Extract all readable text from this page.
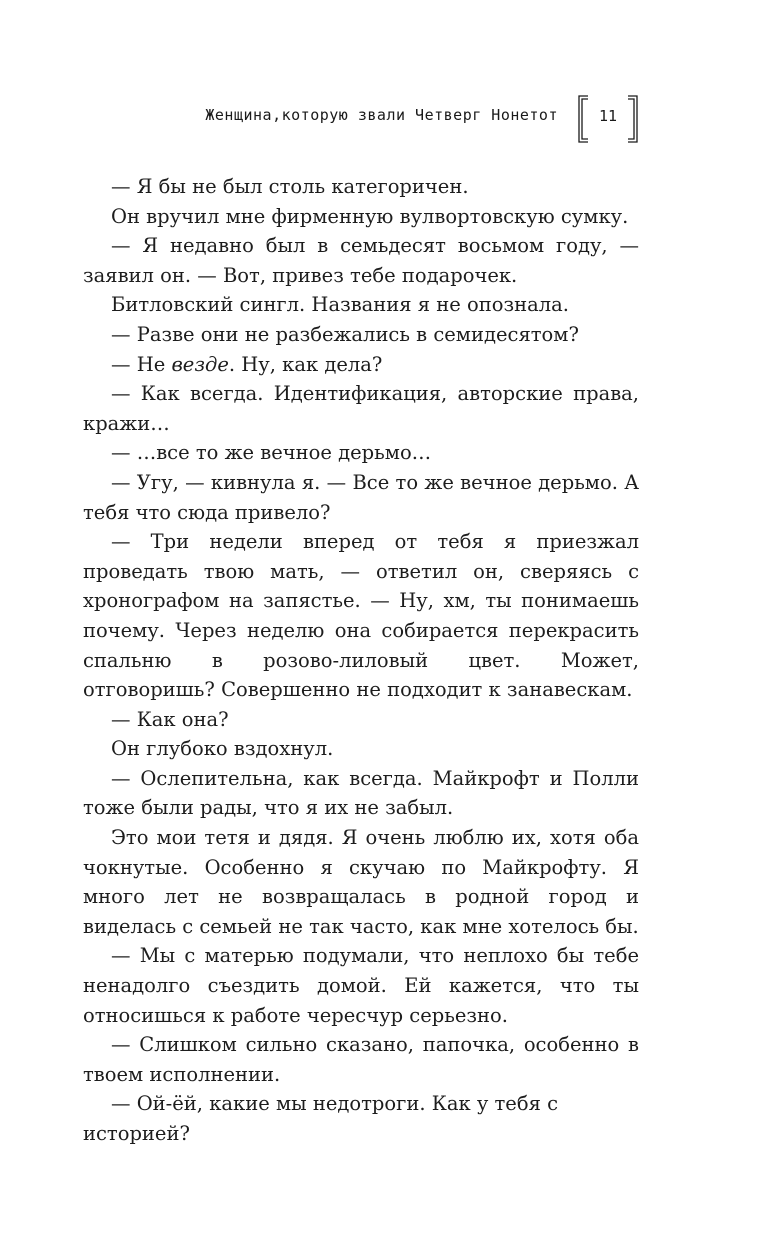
Женщина,которую звали Четверг Нонетот	11

— Я бы не был столь категоричен.

Он вручил мне фирменную вулвортовскую сумку.

— Я недавно был в семьдесят восьмом году, — заявил он. — Вот, привез тебе подарочек.

Битловский сингл. Названия я не опознала.

— Разве они не разбежались в семидесятом?

— Не везде. Ну, как дела?

— Как всегда. Идентификация, авторские права, кражи…

— …все то же вечное дерьмо…

— Угу, — кивнула я. — Все то же вечное дерьмо. А тебя что сюда привело?

— Три недели вперед от тебя я приезжал проведать твою мать, — ответил он, сверяясь с хронографом на запястье. — Ну, хм, ты понимаешь почему. Через неделю она собирается перекрасить спальню в розово-лиловый цвет. Может, отговоришь? Совершенно не подходит к занавескам.

— Как она?

Он глубоко вздохнул.

— Ослепительна, как всегда. Майкрофт и Полли тоже были рады, что я их не забыл.

Это мои тетя и дядя. Я очень люблю их, хотя оба чокнутые. Особенно я скучаю по Майкрофту. Я много лет не возвращалась в родной город и виделась с семьей не так часто, как мне хотелось бы.

— Мы с матерью подумали, что неплохо бы тебе ненадолго съездить домой. Ей кажется, что ты относишься к работе чересчур серьезно.

— Слишком сильно сказано, папочка, особенно в твоем исполнении.

— Ой-ёй, какие мы недотроги. Как у тебя с историей?
